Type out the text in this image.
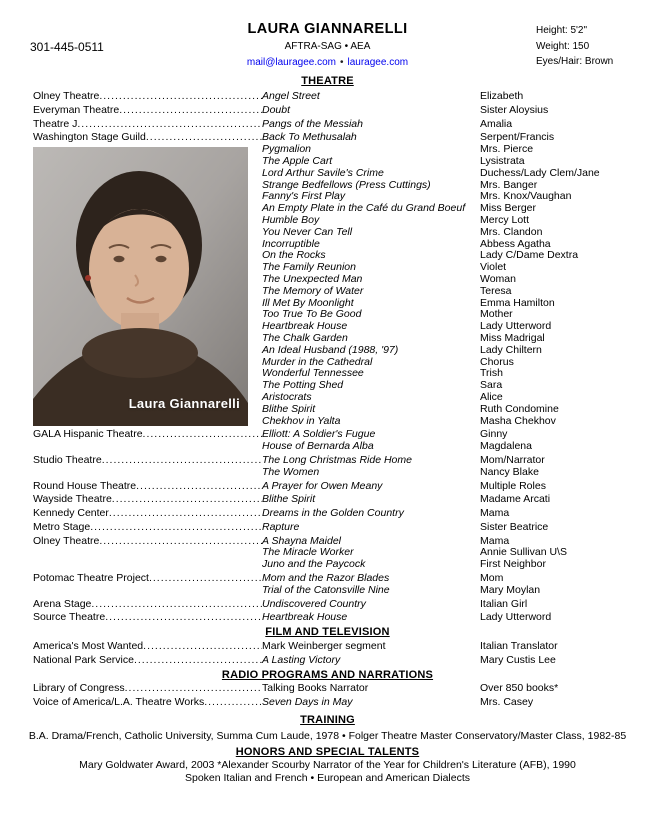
301-445-0511
LAURA GIANNARELLI
AFTRA-SAG • AEA
mail@lauragee.com • lauragee.com
Height: 5'2"
Weight: 150
Eyes/Hair: Brown
THEATRE
Olney Theatre .....	Angel Street	Elizabeth
Everyman Theatre .....	Doubt	Sister Aloysius
Theatre J .....	Pangs of the Messiah	Amalia
Washington Stage Guild .....	Back To Methusalah	Serpent/Francis
Pygmalion	Mrs. Pierce
The Apple Cart	Lysistrata
Lord Arthur Savile's Crime	Duchess/Lady Clem/Jane
Strange Bedfellows (Press Cuttings)	Mrs. Banger
Fanny's First Play	Mrs. Knox/Vaughan
An Empty Plate in the Café du Grand Boeuf	Miss Berger
Humble Boy	Mercy Lott
You Never Can Tell	Mrs. Clandon
Incorruptible	Abbess Agatha
On the Rocks	Lady C/Dame Dextra
The Family Reunion	Violet
The Unexpected Man	Woman
The Memory of Water	Teresa
Ill Met By Moonlight	Emma Hamilton
Too True To Be Good	Mother
Heartbreak House	Lady Utterword
The Chalk Garden	Miss Madrigal
An Ideal Husband (1988, '97)	Lady Chiltern
Murder in the Cathedral	Chorus
Wonderful Tennessee	Trish
The Potting Shed	Sara
Aristocrats	Alice
Blithe Spirit	Ruth Condomine
Chekhov in Yalta	Masha Chekhov
GALA Hispanic Theatre .....	Elliott: A Soldier's Fugue	Ginny
House of Bernarda Alba	Magdalena
Studio Theatre .....	The Long Christmas Ride Home	Mom/Narrator
The Women	Nancy Blake
Round House Theatre .....	A Prayer for Owen Meany	Multiple Roles
Wayside Theatre .....	Blithe Spirit	Madame Arcati
Kennedy Center .....	Dreams in the Golden Country	Mama
Metro Stage .....	Rapture	Sister Beatrice
Olney Theatre .....	A Shayna Maidel	Mama
The Miracle Worker	Annie Sullivan U\S
Juno and the Paycock	First Neighbor
Potomac Theatre Project .....	Mom and the Razor Blades	Mom
Trial of the Catonsville Nine	Mary Moylan
Arena Stage .....	Undiscovered Country	Italian Girl
Source Theatre .....	Heartbreak House	Lady Utterword
FILM AND TELEVISION
America's Most Wanted .....	Mark Weinberger segment	Italian Translator
National Park Service .....	A Lasting Victory	Mary Custis Lee
RADIO PROGRAMS AND NARRATIONS
Library of Congress .....	Talking Books Narrator	Over 850 books*
Voice of America/L.A. Theatre Works .....	Seven Days in May	Mrs. Casey
TRAINING
B.A. Drama/French, Catholic University, Summa Cum Laude, 1978 • Folger Theatre Master Conservatory/Master Class, 1982-85
HONORS AND SPECIAL TALENTS
Mary Goldwater Award, 2003 *Alexander Scourby Narrator of the Year for Children's Literature (AFB), 1990
Spoken Italian and French • European and American Dialects
Laura Giannarelli
